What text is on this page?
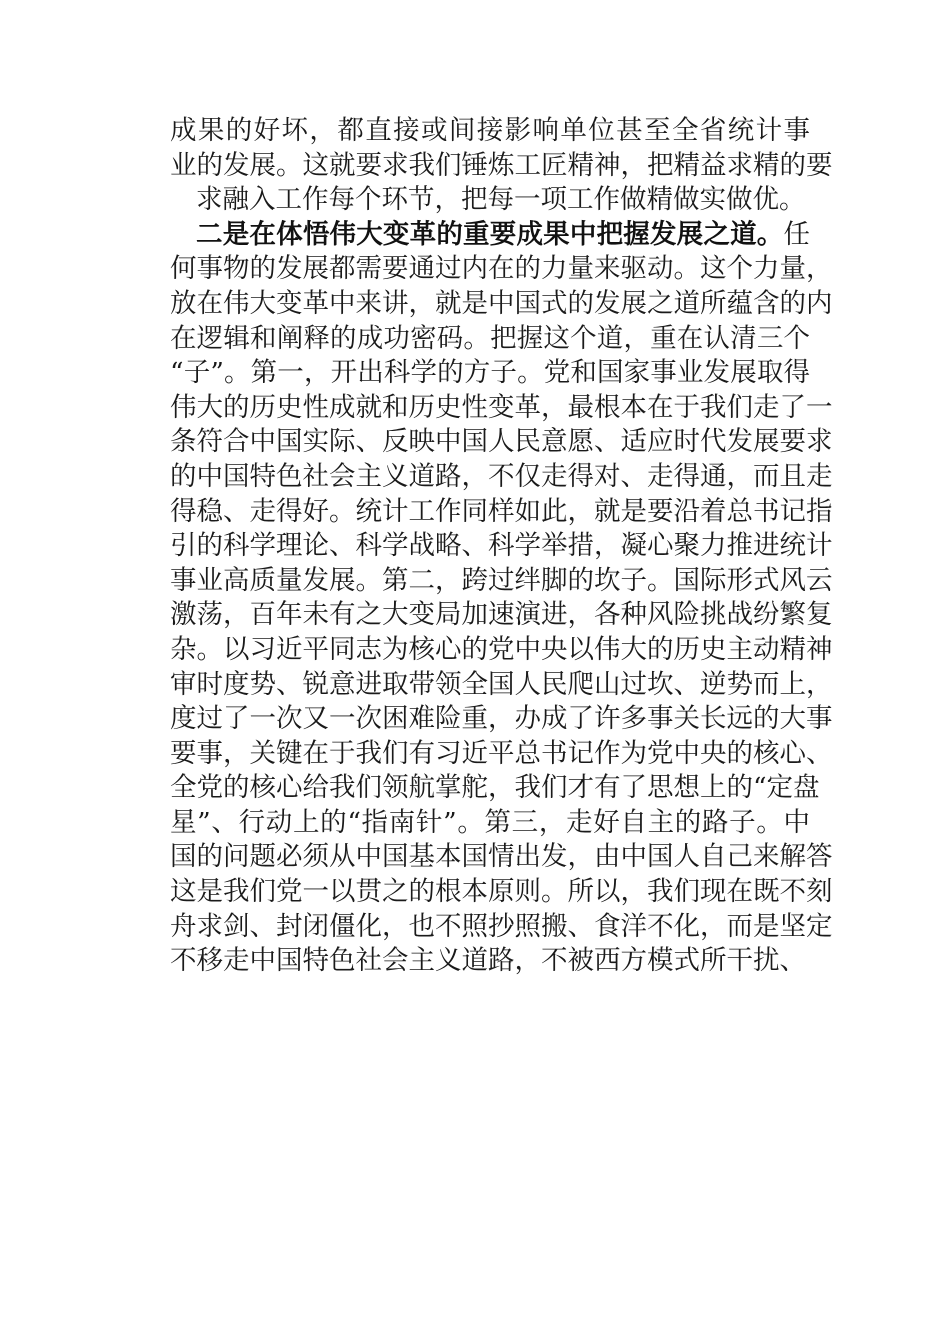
成果的好坏，都直接或间接影响单位甚至全省统计事
业的发展。这就要求我们锤炼工匠精神，把精益求精的要
求融入工作每个环节，把每一项工作做精做实做优。
二是在体悟伟大变革的重要成果中把握发展之道。任
何事物的发展都需要通过内在的力量来驱动。这个力量，
放在伟大变革中来讲，就是中国式的发展之道所蕴含的内
在逻辑和阐释的成功密码。把握这个道，重在认清三个
“子”。第一，开出科学的方子。党和国家事业发展取得
伟大的历史性成就和历史性变革，最根本在于我们走了一
条符合中国实际、反映中国人民意愿、适应时代发展要求
的中国特色社会主义道路，不仅走得对、走得通，而且走
得稳、走得好。统计工作同样如此，就是要沿着总书记指
引的科学理论、科学战略、科学举措，凝心聚力推进统计
事业高质量发展。第二，跨过绊脚的坎子。国际形式风云
激荡，百年未有之大变局加速演进，各种风险挑战纷繁复
杂。以习近平同志为核心的党中央以伟大的历史主动精神
审时度势、锐意进取带领全国人民爬山过坎、逆势而上，
度过了一次又一次困难险重，办成了许多事关长远的大事
要事，关键在于我们有习近平总书记作为党中央的核心、
全党的核心给我们领航掌舵，我们才有了思想上的“定盘
星”、行动上的“指南针”。第三，走好自主的路子。中
国的问题必须从中国基本国情出发，由中国人自己来解答
这是我们党一以贯之的根本原则。所以，我们现在既不刻
舟求剑、封闭僵化，也不照抄照搬、食洋不化，而是坚定
不移走中国特色社会主义道路，不被西方模式所干扰、
